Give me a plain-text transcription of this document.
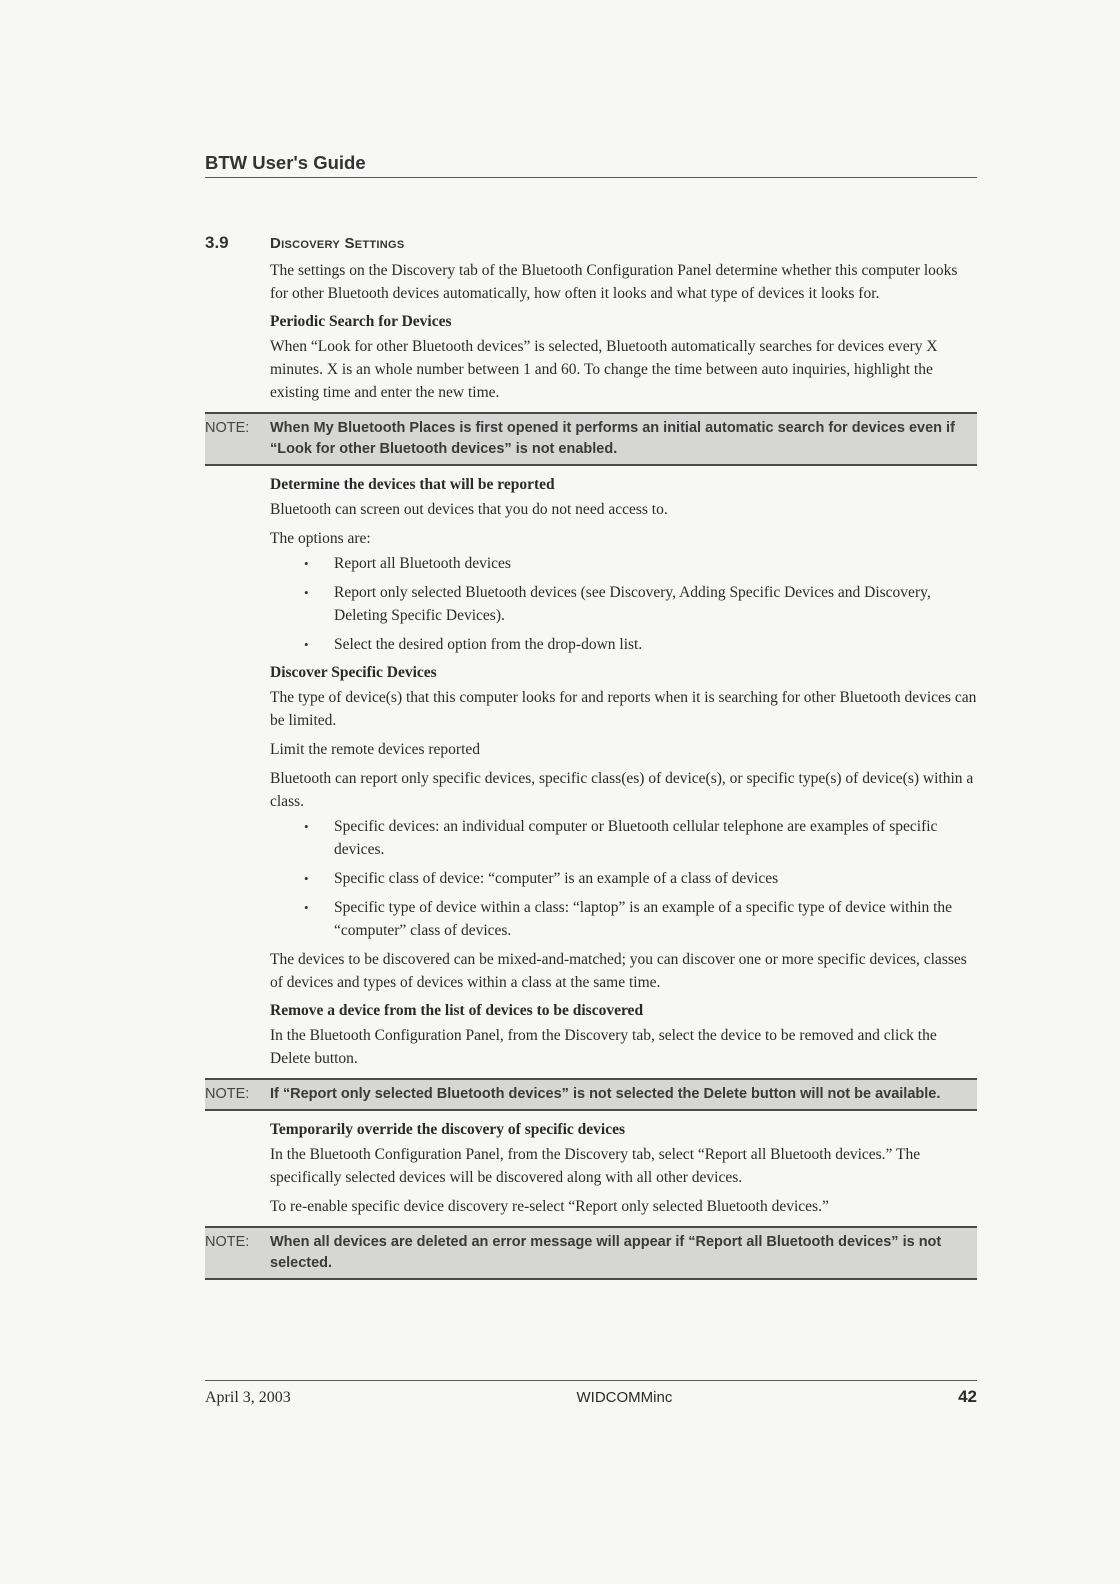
BTW User's Guide
3.9	Discovery Settings

The settings on the Discovery tab of the Bluetooth Configuration Panel determine whether this computer looks for other Bluetooth devices automatically, how often it looks and what type of devices it looks for.

Periodic Search for Devices

When “Look for other Bluetooth devices” is selected, Bluetooth automatically searches for devices every X minutes. X is an whole number between 1 and 60. To change the time between auto inquiries, highlight the existing time and enter the new time.

NOTE:	When My Bluetooth Places is first opened it performs an initial automatic search for devices even if “Look for other Bluetooth devices” is not enabled.
Determine the devices that will be reported

Bluetooth can screen out devices that you do not need access to.

The options are:

• Report all Bluetooth devices
• Report only selected Bluetooth devices (see Discovery, Adding Specific Devices and Discovery, Deleting Specific Devices).
• Select the desired option from the drop-down list.
Discover Specific Devices

The type of device(s) that this computer looks for and reports when it is searching for other Bluetooth devices can be limited.

Limit the remote devices reported

Bluetooth can report only specific devices, specific class(es) of device(s), or specific type(s) of device(s) within a class.

• Specific devices: an individual computer or Bluetooth cellular telephone are examples of specific devices.
• Specific class of device: “computer” is an example of a class of devices
• Specific type of device within a class: “laptop” is an example of a specific type of device within the “computer” class of devices.

The devices to be discovered can be mixed-and-matched; you can discover one or more specific devices, classes of devices and types of devices within a class at the same time.

Remove a device from the list of devices to be discovered

In the Bluetooth Configuration Panel, from the Discovery tab, select the device to be removed and click the Delete button.

NOTE:	If “Report only selected Bluetooth devices” is not selected the Delete button will not be available.
Temporarily override the discovery of specific devices

In the Bluetooth Configuration Panel, from the Discovery tab, select “Report all Bluetooth devices.” The specifically selected devices will be discovered along with all other devices.

To re-enable specific device discovery re-select “Report only selected Bluetooth devices.”

NOTE:	When all devices are deleted an error message will appear if “Report all Bluetooth devices” is not selected.
April 3, 2003	WIDCOMMinc	42
